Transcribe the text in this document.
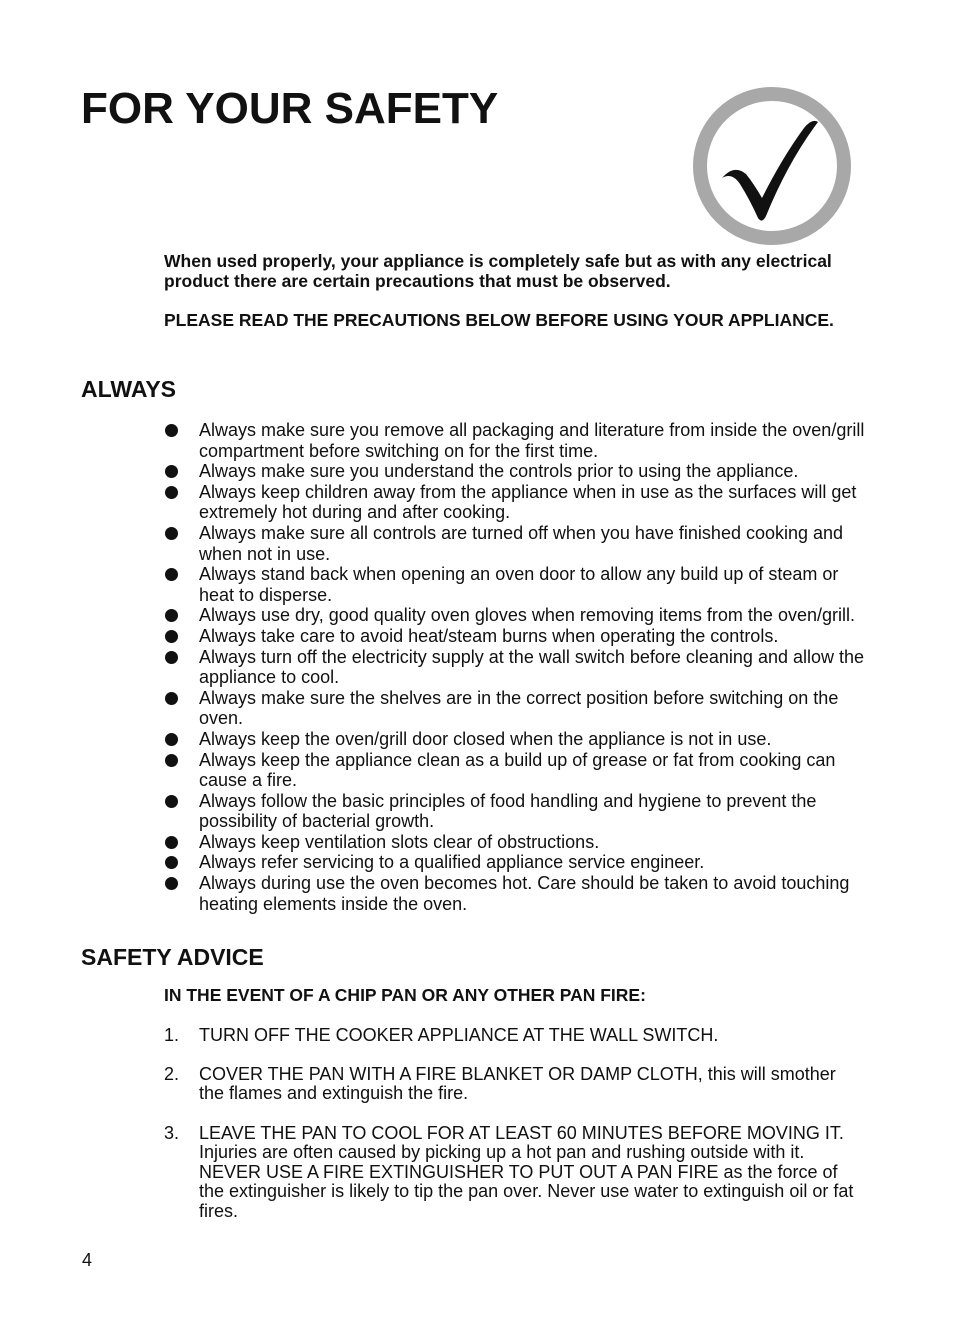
FOR YOUR SAFETY

When used properly, your appliance is completely safe but as with any electrical product there are certain precautions that must be observed.

PLEASE READ THE PRECAUTIONS BELOW BEFORE USING YOUR APPLIANCE.

ALWAYS
Always make sure you remove all packaging and literature from inside the oven/grill compartment before switching on for the first time.
Always make sure you understand the controls prior to using the appliance.
Always keep children away from the appliance when in use as the surfaces will get extremely hot during and after cooking.
Always make sure all controls are turned off when you have finished cooking and when not in use.
Always stand back when opening an oven door to allow any build up of steam or heat to disperse.
Always use dry, good quality oven gloves when removing items from the oven/grill.
Always take care to avoid heat/steam burns when operating the controls.
Always turn off the electricity supply at the wall switch before cleaning and allow the appliance to cool.
Always make sure the shelves are in the correct position before switching on the oven.
Always keep the oven/grill door closed when the appliance is not in use.
Always keep the appliance clean as a build up of grease or fat from cooking can cause a fire.
Always follow the basic principles of food handling and hygiene to prevent the possibility of bacterial growth.
Always keep ventilation slots clear of obstructions.
Always refer servicing to a qualified appliance service engineer.
Always during use the oven becomes hot. Care should be taken to avoid touching heating elements inside the oven.
SAFETY ADVICE

IN THE EVENT OF A CHIP PAN OR ANY OTHER PAN FIRE:

1. TURN OFF THE COOKER APPLIANCE AT THE WALL SWITCH.
2. COVER THE PAN WITH A FIRE BLANKET OR DAMP CLOTH, this will smother the flames and extinguish the fire.
3. LEAVE THE PAN TO COOL FOR AT LEAST 60 MINUTES BEFORE MOVING IT. Injuries are often caused by picking up a hot pan and rushing outside with it.
NEVER USE A FIRE EXTINGUISHER TO PUT OUT A PAN FIRE as the force of the extinguisher is likely to tip the pan over. Never use water to extinguish oil or fat fires.
4
